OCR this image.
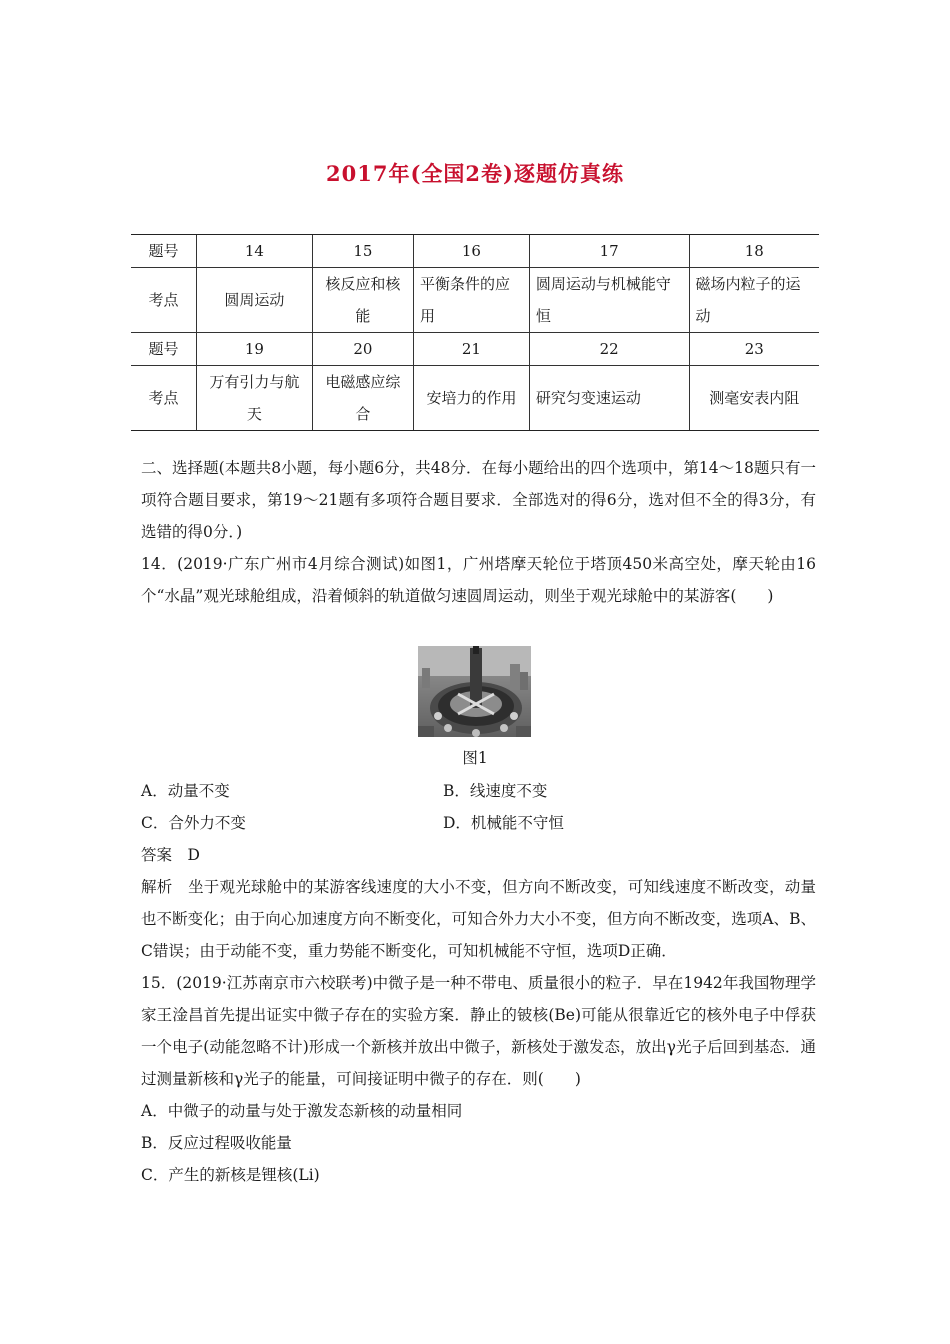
2017年(全国2卷)逐题仿真练
题号	14	15	16	17	18
考点	圆周运动	核反应和核能	平衡条件的应用	圆周运动与机械能守恒	磁场内粒子的运动
题号	19	20	21	22	23
考点	万有引力与航天	电磁感应综合	安培力的作用	研究匀变速运动	测毫安表内阻

二、选择题(本题共8小题，每小题6分，共48分．在每小题给出的四个选项中，第14～18题只有一项符合题目要求，第19～21题有多项符合题目要求．全部选对的得6分，选对但不全的得3分，有选错的得0分．)

14．(2019·广东广州市4月综合测试)如图1，广州塔摩天轮位于塔顶450米高空处，摩天轮由16个“水晶”观光球舱组成，沿着倾斜的轨道做匀速圆周运动，则坐于观光球舱中的某游客(　　)

图1
A．动量不变	B．线速度不变
C．合外力不变	D．机械能不守恒

答案　D

解析　坐于观光球舱中的某游客线速度的大小不变，但方向不断改变，可知线速度不断改变，动量也不断变化；由于向心加速度方向不断变化，可知合外力大小不变，但方向不断改变，选项A、B、C错误；由于动能不变，重力势能不断变化，可知机械能不守恒，选项D正确．

15．(2019·江苏南京市六校联考)中微子是一种不带电、质量很小的粒子．早在1942年我国物理学家王淦昌首先提出证实中微子存在的实验方案．静止的铍核(Be)可能从很靠近它的核外电子中俘获一个电子(动能忽略不计)形成一个新核并放出中微子，新核处于激发态，放出γ光子后回到基态．通过测量新核和γ光子的能量，可间接证明中微子的存在．则(　　)

A．中微子的动量与处于激发态新核的动量相同

B．反应过程吸收能量

C．产生的新核是锂核(Li)
